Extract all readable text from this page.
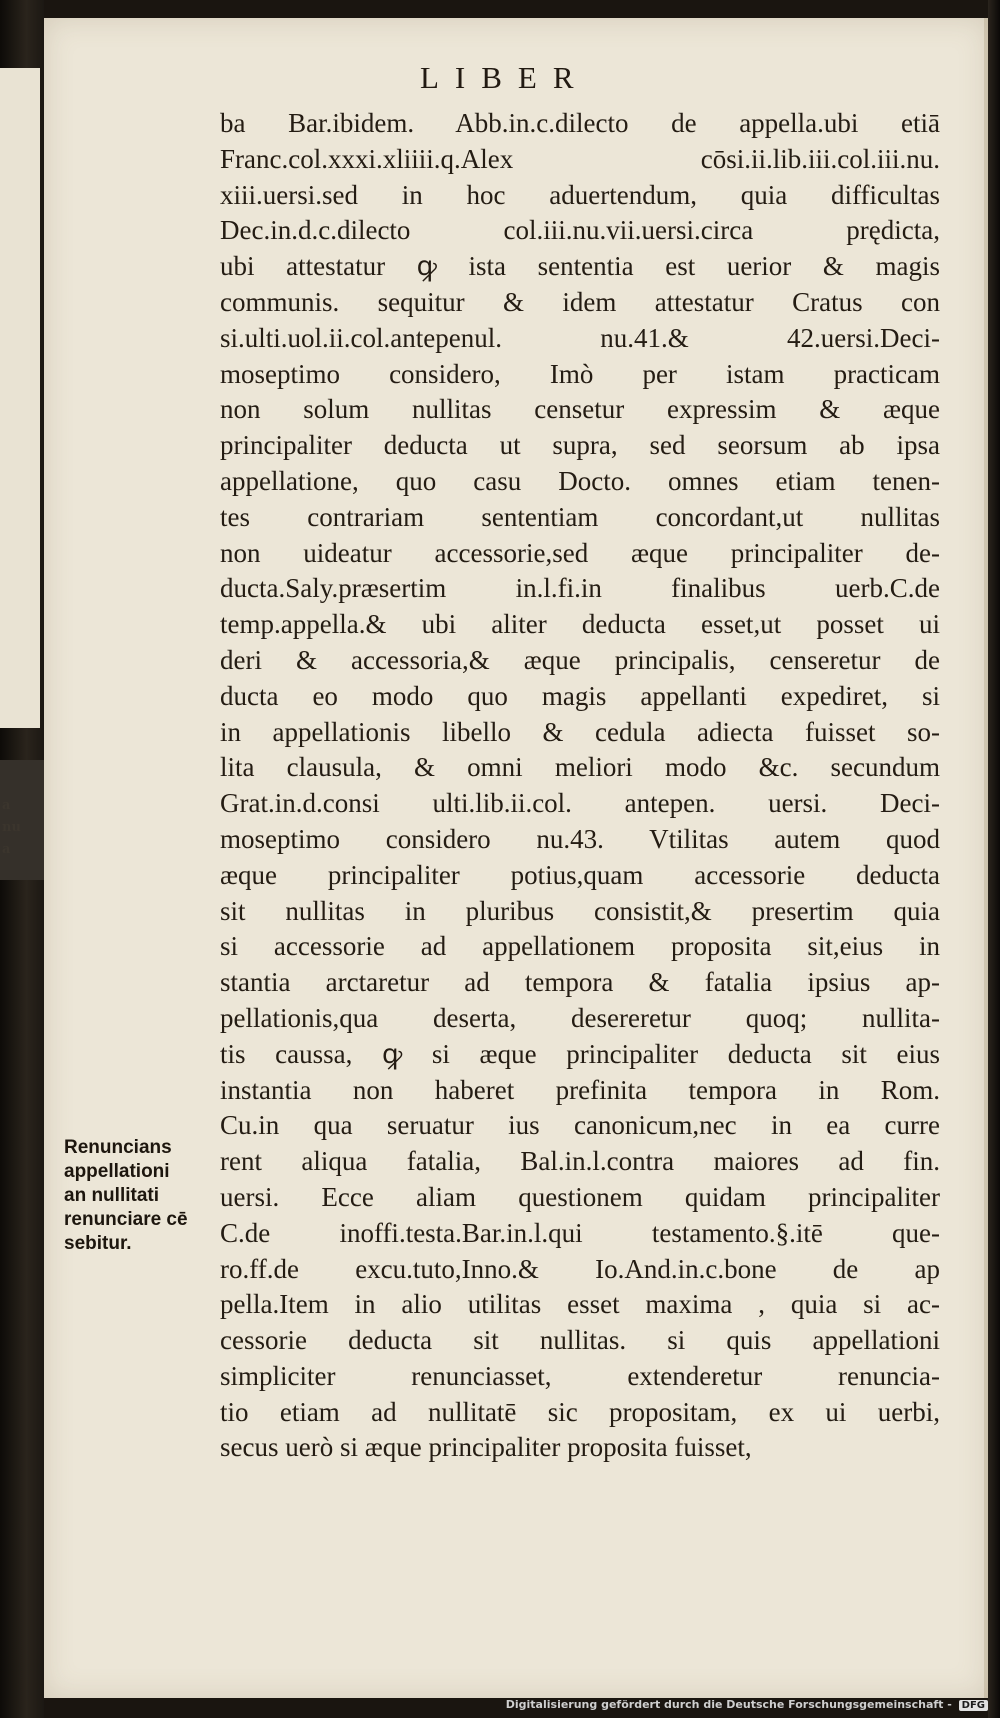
a
nu
a
LIBER
ba Bar.ibidem. Abb.in.c.dilecto de appella.ubi etiā
Franc.col.xxxi.xliiii.q.Alex cōsi.ii.lib.iii.col.iii.nu.
xiii.uersi.sed in hoc aduertendum, quia difficultas
Dec.in.d.c.dilecto col.iii.nu.vii.uersi.circa prędicta,
ubi attestatur ꝙ ista sententia est uerior & magis
communis. sequitur & idem attestatur Cratus con
si.ulti.uol.ii.col.antepenul. nu.41.& 42.uersi.Deci-
moseptimo considero, Imò per istam practicam
non solum nullitas censetur expressim & æque
principaliter deducta ut supra, sed seorsum ab ipsa
appellatione, quo casu Docto. omnes etiam tenen-
tes contrariam sententiam concordant,ut nullitas
non uideatur accessorie,sed æque principaliter de-
ducta.Saly.præsertim in.l.fi.in finalibus uerb.C.de
temp.appella.& ubi aliter deducta esset,ut posset ui
deri & accessoria,& æque principalis, censeretur de
ducta eo modo quo magis appellanti expediret, si
in appellationis libello & cedula adiecta fuisset so-
lita clausula, & omni meliori modo &c. secundum
Grat.in.d.consi ulti.lib.ii.col. antepen. uersi. Deci-
moseptimo considero nu.43. Vtilitas autem quod
æque principaliter potius,quam accessorie deducta
sit nullitas in pluribus consistit,& presertim quia
si accessorie ad appellationem proposita sit,eius in
stantia arctaretur ad tempora & fatalia ipsius ap-
pellationis,qua deserta, desereretur quoq; nullita-
tis caussa, ꝙ si æque principaliter deducta sit eius
instantia non haberet prefinita tempora in Rom.
Cu.in qua seruatur ius canonicum,nec in ea curre
rent aliqua fatalia, Bal.in.l.contra maiores ad fin.
uersi. Ecce aliam questionem quidam principaliter
C.de inoffi.testa.Bar.in.l.qui testamento.§.itē que-
ro.ff.de excu.tuto,Inno.& Io.And.in.c.bone de ap
pella.Item in alio utilitas esset maxima , quia si ac-
cessorie deducta sit nullitas. si quis appellationi
simpliciter renunciasset, extenderetur renuncia-
tio etiam ad nullitatē sic propositam, ex ui uerbi,
secus uerò si æque principaliter proposita fuisset,
Renuncians
appellationi
an nullitati
renunciare cē
sebitur.
Digitalisierung gefördert durch die Deutsche Forschungsgemeinschaft - DFG
